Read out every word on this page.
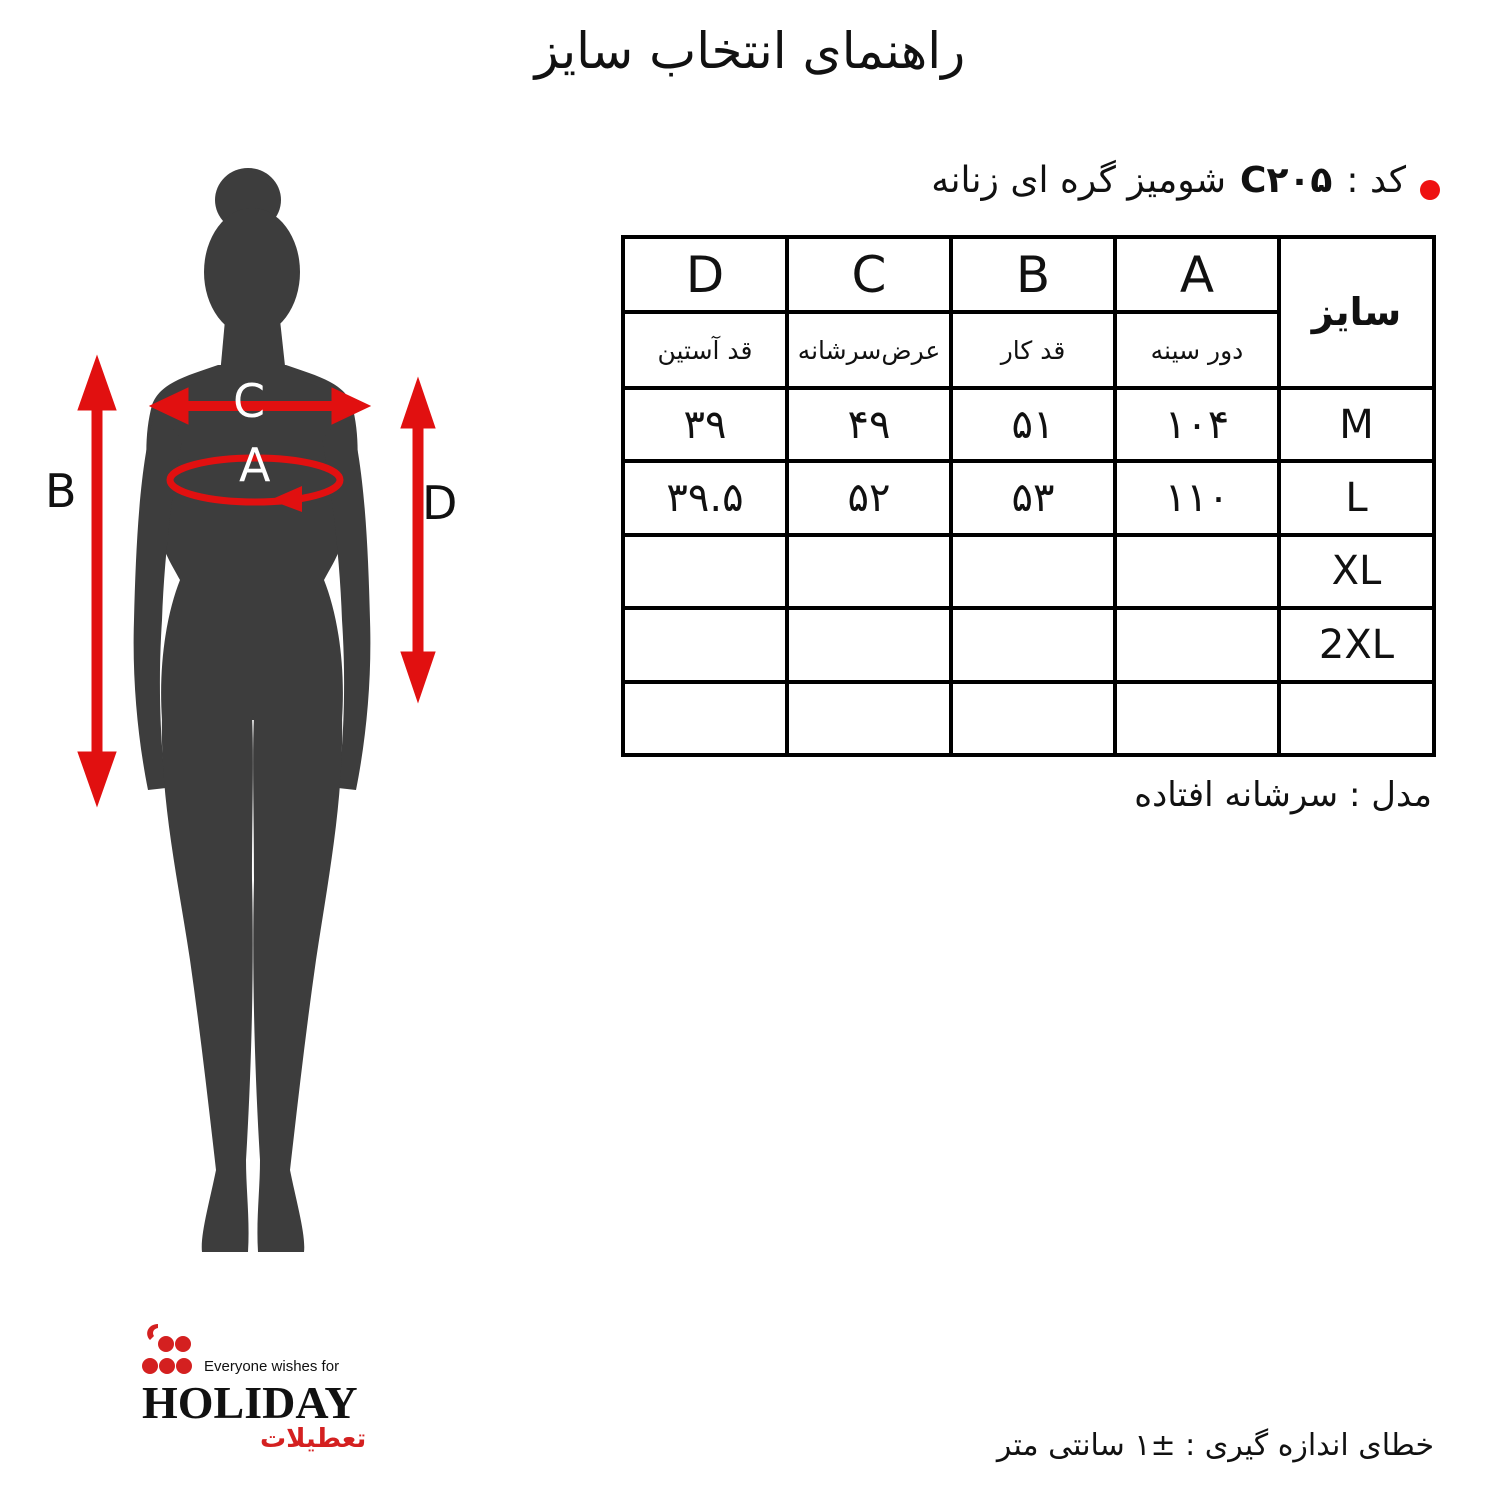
راهنمای انتخاب سایز
کد :
C۲۰۵
شومیز گره ای زنانه
D	C	B	A	سایز
قد آستین	عرض‌سرشانه	قد کار	دور سینه	
۳۹	۴۹	۵۱	۱۰۴	M
۳۹.۵	۵۲	۵۳	۱۱۰	L
				XL
				2XL

مدل : سرشانه افتاده
B	D
C
A
Everyone wishes for
HOLIDAY
تعطیلات	خطای اندازه گیری : ±۱ سانتی متر
